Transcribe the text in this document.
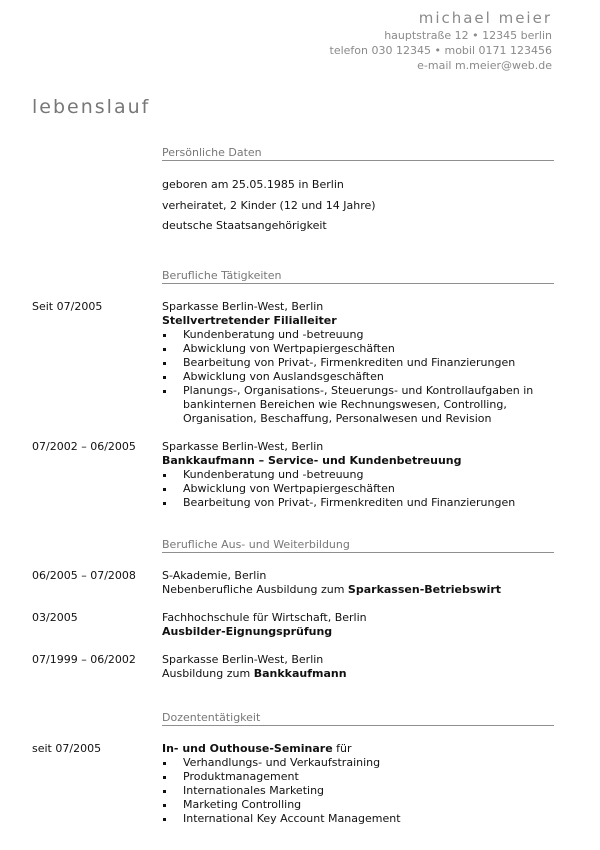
michael meier
hauptstraße 12 • 12345 berlin
telefon 030 12345 • mobil 0171 123456
e-mail m.meier@web.de
lebenslauf
Persönliche Daten
geboren am 25.05.1985 in Berlin
verheiratet, 2 Kinder (12 und 14 Jahre)
deutsche Staatsangehörigkeit
Berufliche Tätigkeiten
Seit 07/2005	Sparkasse Berlin-West, Berlin
Stellvertretender Filialleiter
Kundenberatung und -betreuung
Abwicklung von Wertpapiergeschäften
Bearbeitung von Privat-, Firmenkrediten und Finanzierungen
Abwicklung von Auslandsgeschäften
Planungs-, Organisations-, Steuerungs- und Kontrollaufgaben in bankinternen Bereichen wie Rechnungswesen, Controlling, Organisation, Beschaffung, Personalwesen und Revision
07/2002 – 06/2005	Sparkasse Berlin-West, Berlin
Bankkaufmann – Service- und Kundenbetreuung
Kundenberatung und -betreuung
Abwicklung von Wertpapiergeschäften
Bearbeitung von Privat-, Firmenkrediten und Finanzierungen
Berufliche Aus- und Weiterbildung
06/2005 – 07/2008	S-Akademie, Berlin
Nebenberufliche Ausbildung zum Sparkassen-Betriebswirt
03/2005	Fachhochschule für Wirtschaft, Berlin
Ausbilder-Eignungsprüfung
07/1999 – 06/2002	Sparkasse Berlin-West, Berlin
Ausbildung zum Bankkaufmann
Dozententätigkeit
seit 07/2005	In- und Outhouse-Seminare für
Verhandlungs- und Verkaufstraining
Produktmanagement
Internationales Marketing
Marketing Controlling
International Key Account Management
